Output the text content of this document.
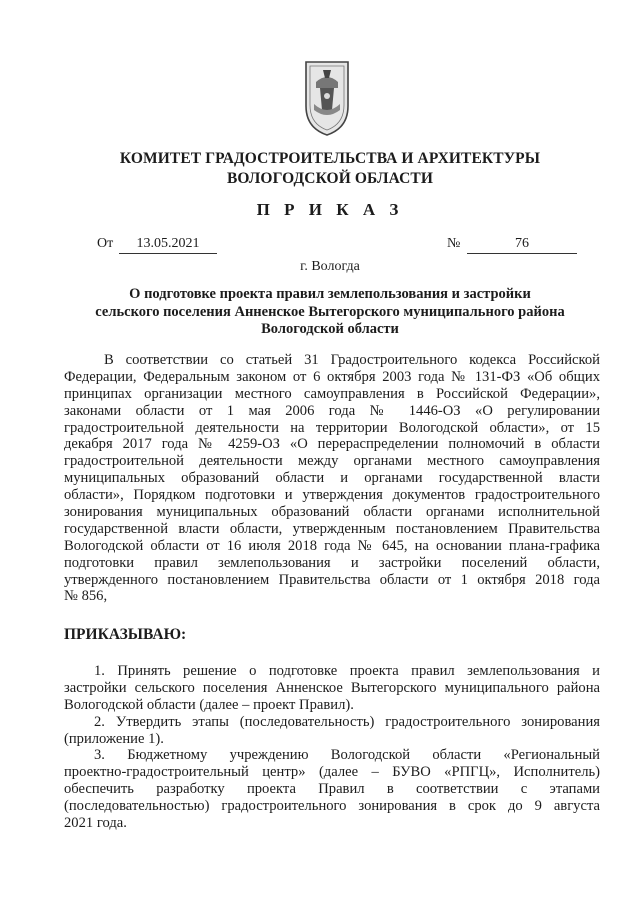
КОМИТЕТ ГРАДОСТРОИТЕЛЬСТВА И АРХИТЕКТУРЫ
ВОЛОГОДСКОЙ ОБЛАСТИ
П Р И К А З
От	13.05.2021	№	76
г. Вологда
О подготовке проекта правил землепользования и застройки
сельского поселения Анненское Вытегорского муниципального района
Вологодской области
В соответствии со статьей 31 Градостроительного кодекса Российской
Федерации, Федеральным законом от 6 октября 2003 года № 131-ФЗ «Об общих
принципах организации местного самоуправления в Российской Федерации»,
законами области от 1 мая 2006 года № 1446-ОЗ «О регулировании
градостроительной деятельности на территории Вологодской области», от 15
декабря 2017 года № 4259-ОЗ «О перераспределении полномочий в области
градостроительной деятельности между органами местного самоуправления
муниципальных образований области и органами государственной власти
области», Порядком подготовки и утверждения документов градостроительного
зонирования муниципальных образований области органами исполнительной
государственной власти области, утвержденным постановлением Правительства
Вологодской области от 16 июля 2018 года № 645, на основании плана-графика
подготовки правил землепользования и застройки поселений области,
утвержденного постановлением Правительства области от 1 октября 2018 года
№ 856,
ПРИКАЗЫВАЮ:
1. Принять решение о подготовке проекта правил землепользования и
застройки сельского поселения Анненское Вытегорского муниципального района
Вологодской области (далее – проект Правил).
2. Утвердить этапы (последовательность) градостроительного зонирования
(приложение 1).
3. Бюджетному учреждению Вологодской области «Региональный
проектно-градостроительный центр» (далее – БУВО «РПГЦ», Исполнитель)
обеспечить разработку проекта Правил в соответствии с этапами
(последовательностью) градостроительного зонирования в срок до 9 августа
2021 года.
